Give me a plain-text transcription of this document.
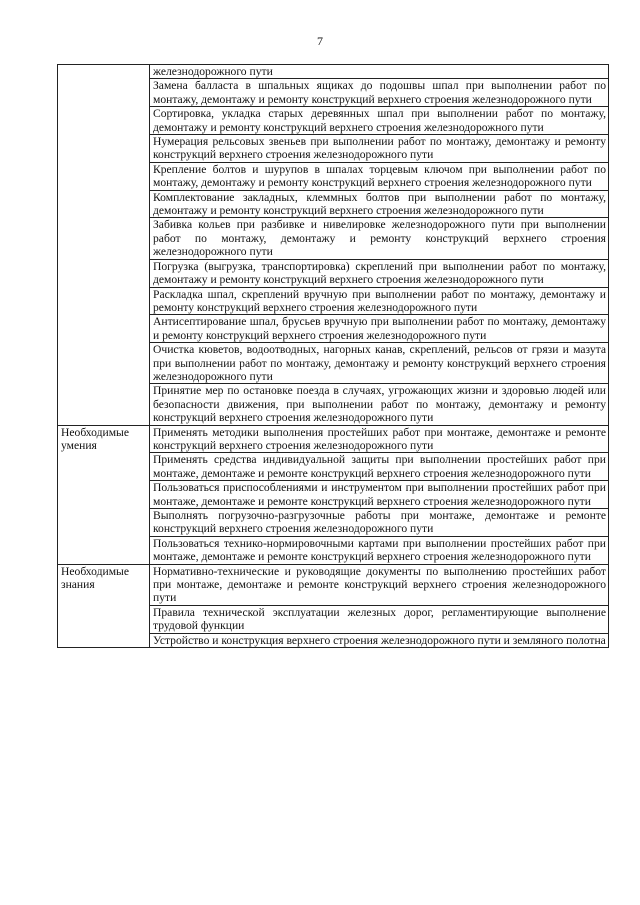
7
	железнодорожного пути
	Замена балласта в шпальных ящиках до подошвы шпал при выполнении работ по монтажу, демонтажу и ремонту конструкций верхнего строения железнодорожного пути
	Сортировка, укладка старых деревянных шпал при выполнении работ по монтажу, демонтажу и ремонту конструкций верхнего строения железнодорожного пути
	Нумерация рельсовых звеньев при выполнении работ по монтажу, демонтажу и ремонту конструкций верхнего строения железнодорожного пути
	Крепление болтов и шурупов в шпалах торцевым ключом при выполнении работ по монтажу, демонтажу и ремонту конструкций верхнего строения железнодорожного пути
	Комплектование закладных, клеммных болтов при выполнении работ по монтажу, демонтажу и ремонту конструкций верхнего строения железнодорожного пути
	Забивка кольев при разбивке и нивелировке железнодорожного пути при выполнении работ по монтажу, демонтажу и ремонту конструкций верхнего строения железнодорожного пути
	Погрузка (выгрузка, транспортировка) скреплений при выполнении работ по монтажу, демонтажу и ремонту конструкций верхнего строения железнодорожного пути
	Раскладка шпал, скреплений вручную при выполнении работ по монтажу, демонтажу и ремонту конструкций верхнего строения железнодорожного пути
	Антисептирование шпал, брусьев вручную при выполнении работ по монтажу, демонтажу и ремонту конструкций верхнего строения железнодорожного пути
	Очистка кюветов, водоотводных, нагорных канав, скреплений, рельсов от грязи и мазута при выполнении работ по монтажу, демонтажу и ремонту конструкций верхнего строения железнодорожного пути
	Принятие мер по остановке поезда в случаях, угрожающих жизни и здоровью людей или безопасности движения, при выполнении работ по монтажу, демонтажу и ремонту конструкций верхнего строения железнодорожного пути
Необходимые умения	Применять методики выполнения простейших работ при монтаже, демонтаже и ремонте конструкций верхнего строения железнодорожного пути
	Применять средства индивидуальной защиты при выполнении простейших работ при монтаже, демонтаже и ремонте конструкций верхнего строения железнодорожного пути
	Пользоваться приспособлениями и инструментом при выполнении простейших работ при монтаже, демонтаже и ремонте конструкций верхнего строения железнодорожного пути
	Выполнять погрузочно-разгрузочные работы при монтаже, демонтаже и ремонте конструкций верхнего строения железнодорожного пути
	Пользоваться технико-нормировочными картами при выполнении простейших работ при монтаже, демонтаже и ремонте конструкций верхнего строения железнодорожного пути
Необходимые знания	Нормативно-технические и руководящие документы по выполнению простейших работ при монтаже, демонтаже и ремонте конструкций верхнего строения железнодорожного пути
	Правила технической эксплуатации железных дорог, регламентирующие выполнение трудовой функции
	Устройство и конструкция верхнего строения железнодорожного пути и земляного полотна
